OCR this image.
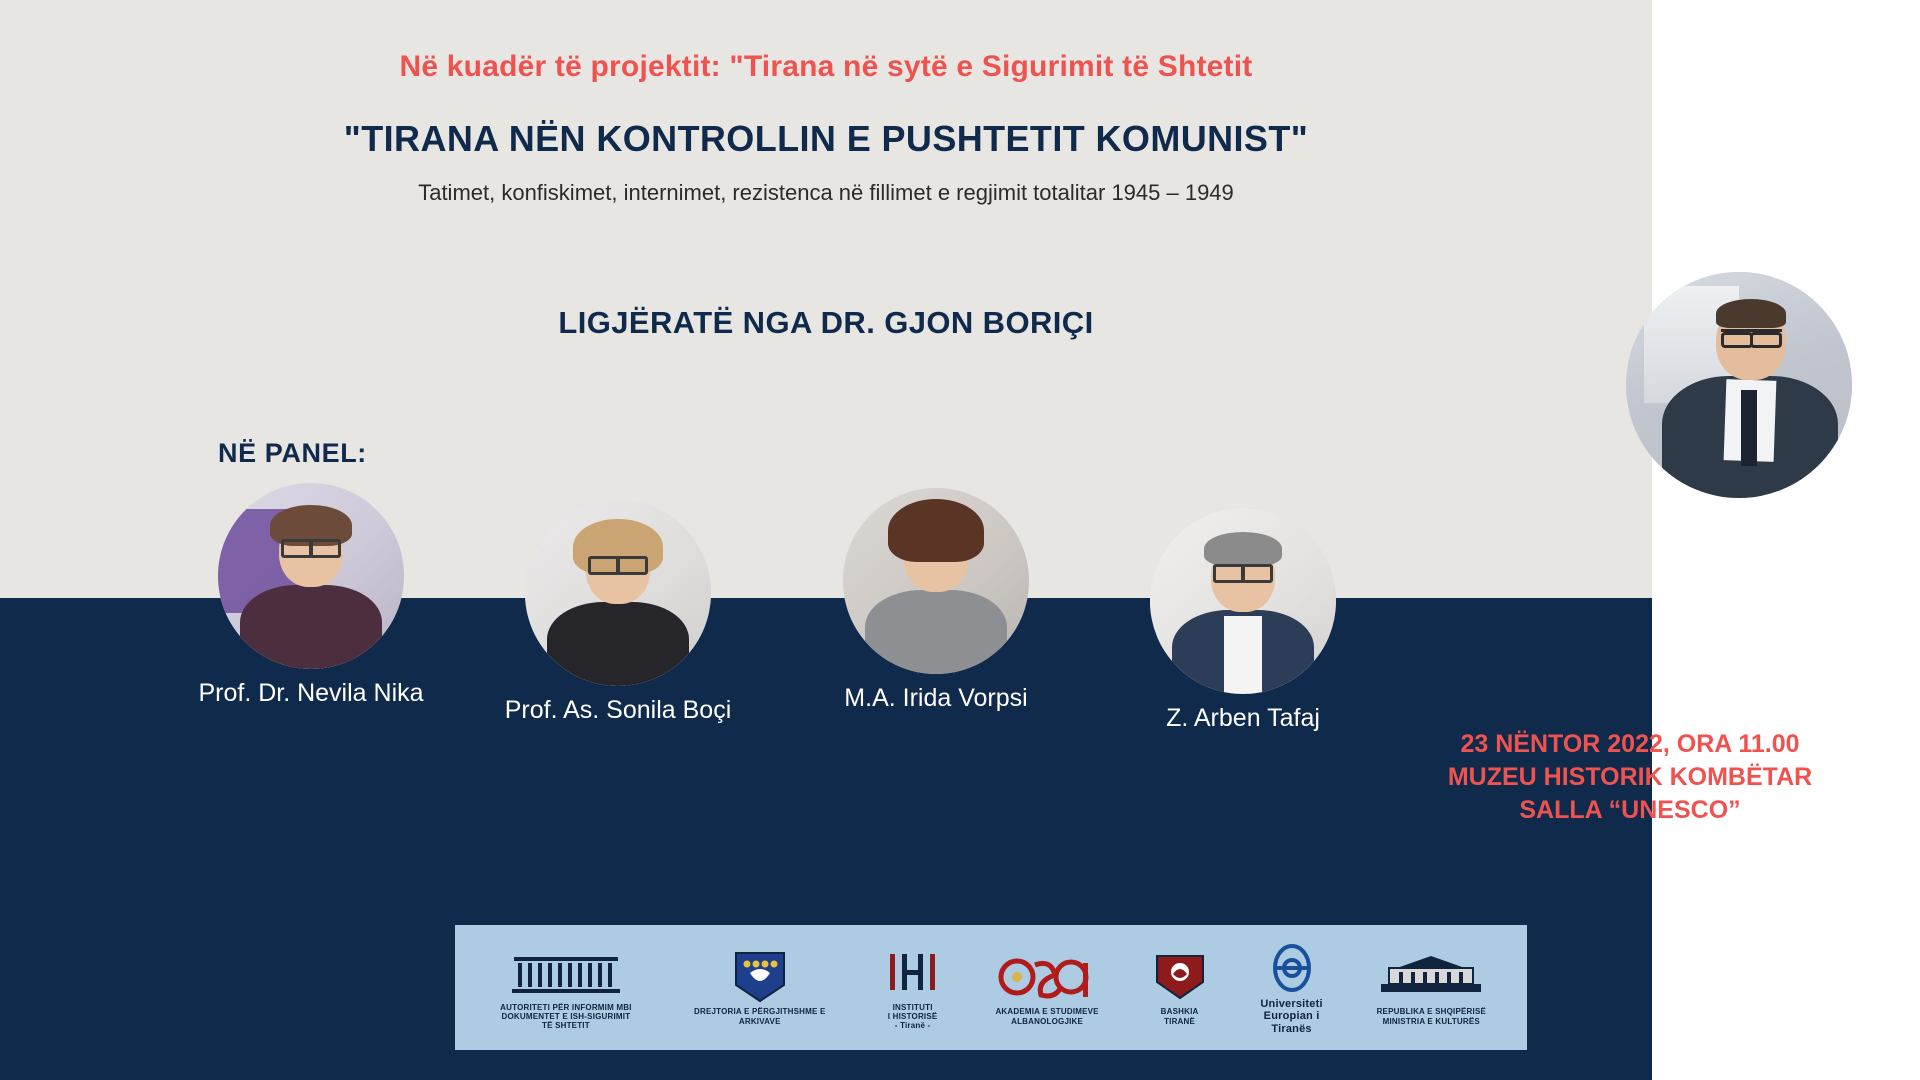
Në kuadër të projektit: "Tirana në sytë e Sigurimit të Shtetit
"TIRANA NËN KONTROLLIN E PUSHTETIT KOMUNIST"
Tatimet, konfiskimet, internimet, rezistenca në fillimet e regjimit totalitar 1945 – 1949
LIGJËRATË NGA DR. GJON BORIÇI
NË PANEL:
Prof. Dr. Nevila Nika
Prof. As. Sonila Boçi	M.A. Irida Vorpsi
Z. Arben Tafaj
23 NËNTOR 2022, ORA 11.00
MUZEU HISTORIK KOMBËTAR
SALLA “UNESCO”
AUTORITETI PËR INFORMIM MBI
DOKUMENTET E ISH-SIGURIMIT TË SHTETIT
DREJTORIA E PËRGJITHSHME E ARKIVAVE
INSTITUTI
I HISTORISË
- Tiranë -
AKADEMIA E STUDIMEVE
ALBANOLOGJIKE
BASHKIA
TIRANË
Universiteti
Europian i
Tiranës
REPUBLIKA E SHQIPËRISË
MINISTRIA E KULTURËS
